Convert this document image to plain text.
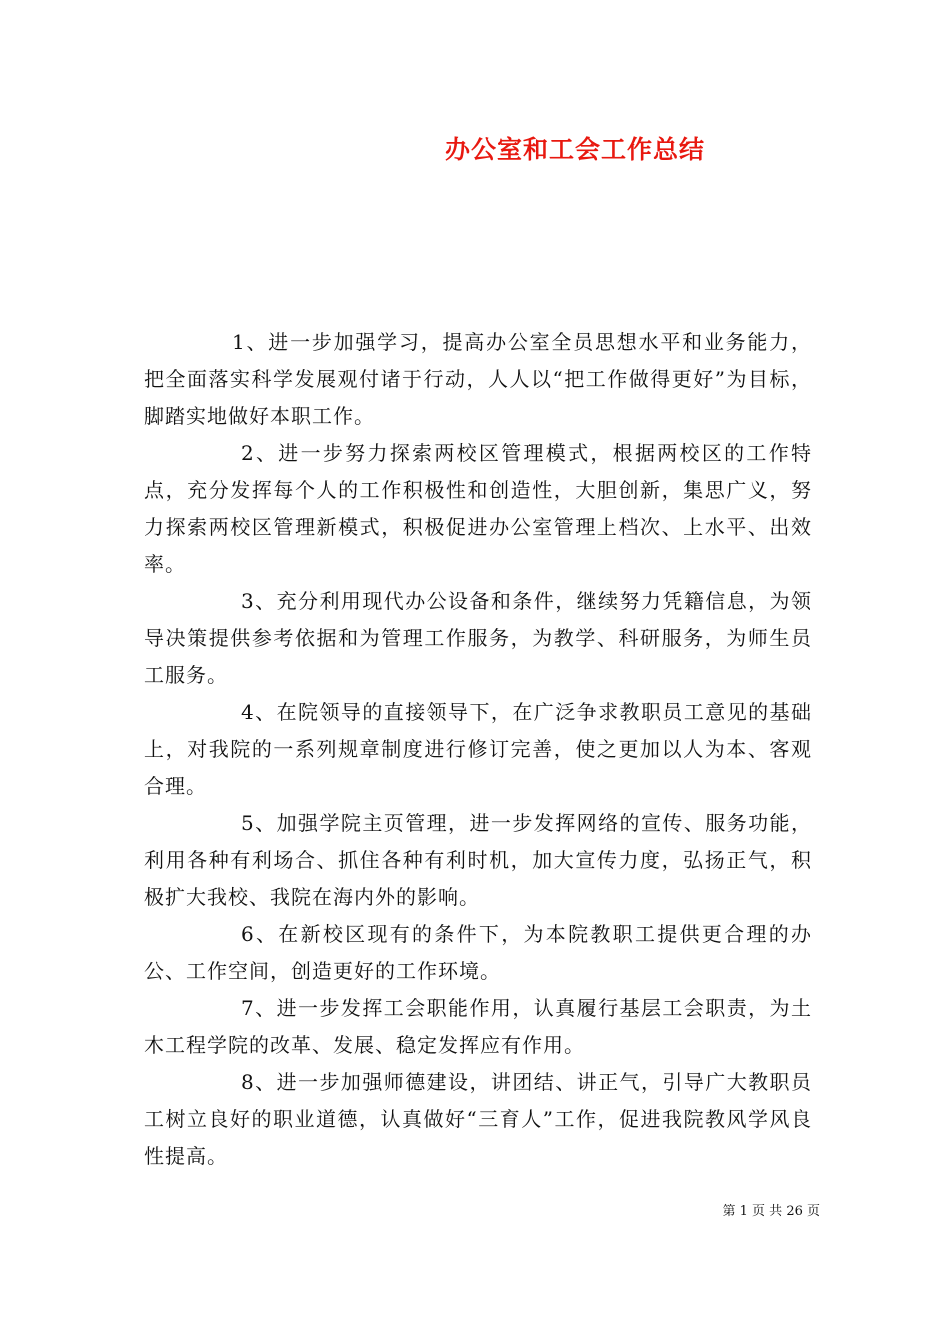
办公室和工会工作总结

1、进一步加强学习，提高办公室全员思想水平和业务能力，把全面落实科学发展观付诸于行动，人人以“把工作做得更好”为目标，脚踏实地做好本职工作。

2、进一步努力探索两校区管理模式，根据两校区的工作特点，充分发挥每个人的工作积极性和创造性，大胆创新，集思广义，努力探索两校区管理新模式，积极促进办公室管理上档次、上水平、出效率。

3、充分利用现代办公设备和条件，继续努力凭籍信息，为领导决策提供参考依据和为管理工作服务，为教学、科研服务，为师生员工服务。

4、在院领导的直接领导下，在广泛争求教职员工意见的基础上，对我院的一系列规章制度进行修订完善，使之更加以人为本、客观合理。

5、加强学院主页管理，进一步发挥网络的宣传、服务功能，利用各种有利场合、抓住各种有利时机，加大宣传力度，弘扬正气，积极扩大我校、我院在海内外的影响。

6、在新校区现有的条件下，为本院教职工提供更合理的办公、工作空间，创造更好的工作环境。

7、进一步发挥工会职能作用，认真履行基层工会职责，为土木工程学院的改革、发展、稳定发挥应有作用。

8、进一步加强师德建设，讲团结、讲正气，引导广大教职员工树立良好的职业道德，认真做好“三育人”工作，促进我院教风学风良性提高。

第 1 页 共 26 页
